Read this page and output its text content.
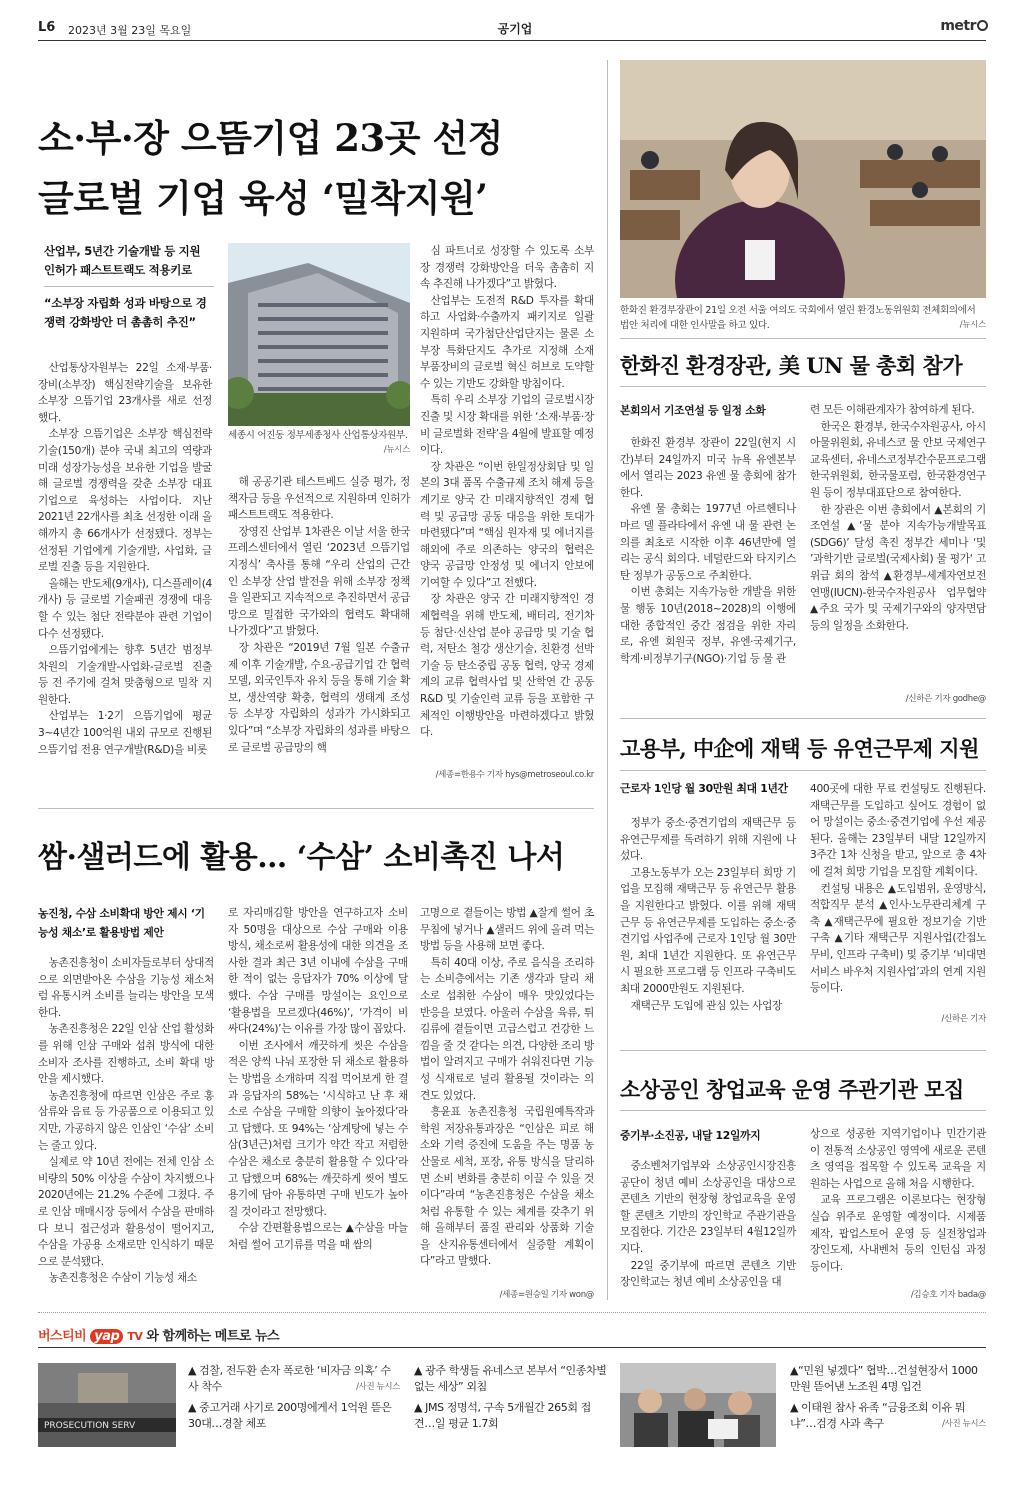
L6 2023년 3월 23일 목요일	공기업	metr
소·부·장 으뜸기업 23곳 선정
글로벌 기업 육성 ‘밀착지원’
산업부, 5년간 기술개발 등 지원 인허가 패스트트랙도 적용키로
“소부장 자립화 성과 바탕으로 경쟁력 강화방안 더 촘촘히 추진”
세종시 어진동 정부세종청사 산업통상자원부.
/뉴시스

산업통상자원부는 22일 소재·부품·장비(소부장) 핵심전략기술을 보유한 소부장 으뜸기업 23개사를 새로 선정했다.

소부장 으뜸기업은 소부장 핵심전략기술(150개) 분야 국내 최고의 역량과 미래 성장가능성을 보유한 기업을 발굴해 글로벌 경쟁력을 갖춘 소부장 대표기업으로 육성하는 사업이다. 지난 2021년 22개사를 최초 선정한 이래 올해까지 총 66개사가 선정됐다. 정부는 선정된 기업에게 기술개발, 사업화, 글로벌 진출 등을 지원한다.

올해는 반도체(9개사), 디스플레이(4개사) 등 글로벌 기술패권 경쟁에 대응할 수 있는 첨단 전략분야 관련 기업이 다수 선정됐다.

으뜸기업에게는 향후 5년간 범정부 차원의 기술개발-사업화-글로벌 진출 등 전 주기에 걸쳐 맞춤형으로 밀착 지원한다.

산업부는 1·2기 으뜸기업에 평균 3~4년간 100억원 내외 규모로 진행된 으뜸기업 전용 연구개발(R&D)을 비롯

해 공공기관 테스트베드 실증 평가, 정책자금 등을 우선적으로 지원하며 인허가 패스트트랙도 적용한다.

장영진 산업부 1차관은 이날 서울 한국프레스센터에서 열린 ‘2023년 으뜸기업 지정식’ 축사를 통해 “우리 산업의 근간인 소부장 산업 발전을 위해 소부장 정책을 일관되고 지속적으로 추진하면서 공급망으로 밀접한 국가와의 협력도 확대해 나가겠다”고 밝혔다.

장 차관은 “2019년 7월 일본 수출규제 이후 기술개발, 수요-공급기업 간 협력모델, 외국인투자 유치 등을 통해 기술 확보, 생산역량 확충, 협력의 생태계 조성 등 소부장 자립화의 성과가 가시화되고 있다”며 “소부장 자립화의 성과를 바탕으로 글로벌 공급망의 핵

심 파트너로 성장할 수 있도록 소부장 경쟁력 강화방안을 더욱 촘촘히 지속 추진해 나가겠다”고 밝혔다.

산업부는 도전적 R&D 투자를 확대하고 사업화·수출까지 패키지로 일괄 지원하며 국가첨단산업단지는 물론 소부장 특화단지도 추가로 지정해 소재 부품장비의 글로벌 혁신 허브로 도약할 수 있는 기반도 강화할 방침이다.

특히 우리 소부장 기업의 글로벌시장 진출 및 시장 확대를 위한 ‘소재·부품·장비 글로벌화 전략’을 4월에 발표할 예정이다.

장 차관은 “이번 한일정상회담 및 일본의 3대 품목 수출규제 조치 해제 등을 계기로 양국 간 미래지향적인 경제 협력 및 공급망 공동 대응을 위한 토대가 마련됐다”며 “핵심 원자재 및 에너지를 해외에 주로 의존하는 양국의 협력은 양국 공급망 안정성 및 에너지 안보에 기여할 수 있다”고 전했다.

장 차관은 양국 간 미래지향적인 경제협력을 위해 반도체, 배터리, 전기차 등 첨단·신산업 분야 공급망 및 기술 협력, 저탄소 철강 생산기술, 친환경 선박기술 등 탄소중립 공동 협력, 양국 경제계의 교류 협력사업 및 산학연 간 공동 R&D 및 기술인력 교류 등을 포함한 구체적인 이행방안을 마련하겠다고 밝혔다.

/세종=한용수 기자 hys@metroseoul.co.kr
한화진 환경부장관이 21일 오전 서울 여의도 국회에서 열린 환경노동위원회 전체회의에서 법안 처리에 대한 인사말을 하고 있다.	/뉴시스
한화진 환경장관, 美 UN 물 총회 참가
본회의서 기조연설 등 일정 소화

한화진 환경부 장관이 22일(현지 시간)부터 24일까지 미국 뉴욕 유엔본부에서 열리는 2023 유엔 물 총회에 참가한다.

유엔 물 총회는 1977년 아르헨티나 마르 델 플라타에서 유엔 내 물 관련 논의를 최초로 시작한 이후 46년만에 열리는 공식 회의다. 네덜란드와 타지키스탄 정부가 공동으로 주최한다.

이번 총회는 지속가능한 개발을 위한 물 행동 10년(2018~2028)의 이행에 대한 종합적인 중간 점검을 위한 자리로, 유엔 회원국 정부, 유엔·국제기구, 학계·비정부기구(NGO)·기업 등 물 관

련 모든 이해관계자가 참여하게 된다.

한국은 환경부, 한국수자원공사, 아시아물위원회, 유네스코 물 안보 국제연구교육센터, 유네스코정부간수문프로그램 한국위원회, 한국물포럼, 한국환경연구원 등이 정부대표단으로 참여한다.

한 장관은 이번 총회에서 ▲본회의 기조연설 ▲‘물 분야 지속가능개발목표(SDG6)’ 달성 촉진 정부간 세미나 ‘및 ’과학기반 글로벌(국제사회) 물 평가‘ 고위급 회의 참석 ▲환경부-세계자연보전연맹(IUCN)-한국수자원공사 업무협약 ▲주요 국가 및 국제기구와의 양자면담 등의 일정을 소화한다.

/신하은 기자 godhe@
고용부, 中企에 재택 등 유연근무제 지원
근로자 1인당 월 30만원 최대 1년간

정부가 중소·중견기업의 재택근무 등 유연근무제를 독려하기 위해 지원에 나섰다.

고용노동부가 오는 23일부터 희망 기업을 모집해 재택근무 등 유연근무 활용을 지원한다고 밝혔다. 이를 위해 재택근무 등 유연근무제를 도입하는 중소·중견기업 사업주에 근로자 1인당 월 30만원, 최대 1년간 지원한다. 또 유연근무 시 필요한 프로그램 등 인프라 구축비도 최대 2000만원도 지원된다.

재택근무 도입에 관심 있는 사업장

400곳에 대한 무료 컨설팅도 진행된다. 재택근무를 도입하고 싶어도 경험이 없어 망설이는 중소·중견기업에 우선 제공된다. 올해는 23일부터 내달 12일까지 3주간 1차 신청을 받고, 앞으로 총 4차에 걸쳐 희망 기업을 모집할 계획이다.

컨설팅 내용은 ▲도입범위, 운영방식, 적합직무 분석 ▲인사·노무관리체계 구축 ▲재택근무에 필요한 정보기술 기반 구축 ▲기타 재택근무 지원사업(간접노무비, 인프라 구축비) 및 중기부 ‘비대면 서비스 바우처 지원사업’과의 연계 지원 등이다.

/신하은 기자
소상공인 창업교육 운영 주관기관 모집
중기부·소진공, 내달 12일까지

중소벤처기업부와 소상공인시장진흥공단이 청년 예비 소상공인을 대상으로 콘텐츠 기반의 현장형 창업교육을 운영할 콘텐츠 기반의 장인학교 주관기관을 모집한다. 기간은 23일부터 4월12일까지다.

22일 중기부에 따르면 콘텐츠 기반 장인학교는 청년 예비 소상공인을 대

상으로 성공한 지역기업이나 민간기관이 전통적 소상공인 영역에 새로운 콘텐츠 영역을 접목할 수 있도록 교육을 지원하는 사업으로 올해 처음 시행한다.

교육 프로그램은 이론보다는 현장형 실습 위주로 운영할 예정이다. 시제품 제작, 팝업스토어 운영 등 실전창업과 장인도제, 사내벤처 등의 인턴십 과정 등이다.

/김승호 기자 bada@
쌈·샐러드에 활용… ‘수삼’ 소비촉진 나서
농진청, 수삼 소비확대 방안 제시 ‘기능성 채소’로 활용방법 제안

농촌진흥청이 소비자들로부터 상대적으로 외면받아온 수삼을 기능성 채소처럼 유통시켜 소비를 늘리는 방안을 모색한다.

농촌진흥청은 22일 인삼 산업 활성화를 위해 인삼 구매와 섭취 방식에 대한 소비자 조사를 진행하고, 소비 확대 방안을 제시했다.

농촌진흥청에 따르면 인삼은 주로 홍삼류와 음료 등 가공품으로 이용되고 있지만, 가공하지 않은 인삼인 ‘수삼’ 소비는 줄고 있다.

실제로 약 10년 전에는 전체 인삼 소비량의 50% 이상을 수삼이 차지했으나 2020년에는 21.2% 수준에 그쳤다. 주로 인삼 매매시장 등에서 수삼을 판매하다 보니 접근성과 활용성이 떨어지고, 수삼을 가공용 소재로만 인식하기 때문으로 분석됐다.

농촌진흥청은 수삼이 기능성 채소

로 자리매김할 방안을 연구하고자 소비자 50명을 대상으로 수삼 구매와 이용 방식, 채소로써 활용성에 대한 의견을 조사한 결과 최근 3년 이내에 수삼을 구매한 적이 없는 응답자가 70% 이상에 달했다. 수삼 구매를 망설이는 요인으로 ‘활용법을 모르겠다(46%)’, ‘가격이 비싸다(24%)’는 이유를 가장 많이 꼽았다.

이번 조사에서 깨끗하게 씻은 수삼을 적은 양씩 나눠 포장한 뒤 채소로 활용하는 방법을 소개하며 직접 먹어보게 한 결과 응답자의 58%는 ‘시식하고 난 후 채소로 수삼을 구매할 의향이 높아졌다’라고 답했다. 또 94%는 ‘삼계탕에 넣는 수삼(3년근)처럼 크기가 약간 작고 저렴한 수삼은 채소로 충분히 활용할 수 있다’라고 답했으며 68%는 깨끗하게 씻어 별도 용기에 담아 유통하면 구매 빈도가 높아질 것이라고 전망했다.

수삼 간편활용법으로는 ▲수삼을 마늘처럼 썰어 고기류를 먹을 때 쌈의

고명으로 곁들이는 방법 ▲잘게 썰어 초무침에 넣거나 ▲샐러드 위에 올려 먹는 방법 등을 사용해 보면 좋다.

특히 40대 이상, 주로 음식을 조리하는 소비층에서는 기존 생각과 달리 채소로 섭취한 수삼이 매우 맛있었다는 반응을 보였다. 아울러 수삼을 육류, 튀김류에 곁들이면 고급스럽고 건강한 느낌을 줄 것 같다는 의견, 다양한 조리 방법이 알려지고 구매가 쉬워진다면 기능성 식재료로 널리 활용될 것이라는 의견도 있었다.

흥윤표 농촌진흥청 국립원예특작과학원 저장유통과장은 “인삼은 피로 해소와 기력 증진에 도움을 주는 명품 농산물로 세척, 포장, 유통 방식을 달리하면 소비 변화를 충분히 이끌 수 있을 것이다”라며 “농촌진흥청은 수삼을 채소처럼 유통할 수 있는 체계를 갖추기 위해 올해부터 품질 관리와 상품화 기술을 산지유통센터에서 실증할 계획이다”라고 말했다.

/세종=원승일 기자 won@
버스티비 yap TV 와 함께하는 메트로 뉴스
PROSECUTION SERV
▲ 검찰, 전두환 손자 폭로한 ‘비자금 의혹’ 수사 착수	/사진 뉴시스
▲ 중고거래 사기로 200명에게서 1억원 뜯은 30대…경찰 체포
▲ 광주 학생들 유네스코 본부서 “인종차별 없는 세상” 외침
▲ JMS 정명석, 구속 5개월간 265회 접견…일 평균 1.7회
▲“민원 넣겠다” 협박…건설현장서 1000만원 뜯어낸 노조원 4명 입건
▲ 이태원 참사 유족 “금융조회 이유 뭐냐”…검경 사과 촉구	/사진 뉴시스
